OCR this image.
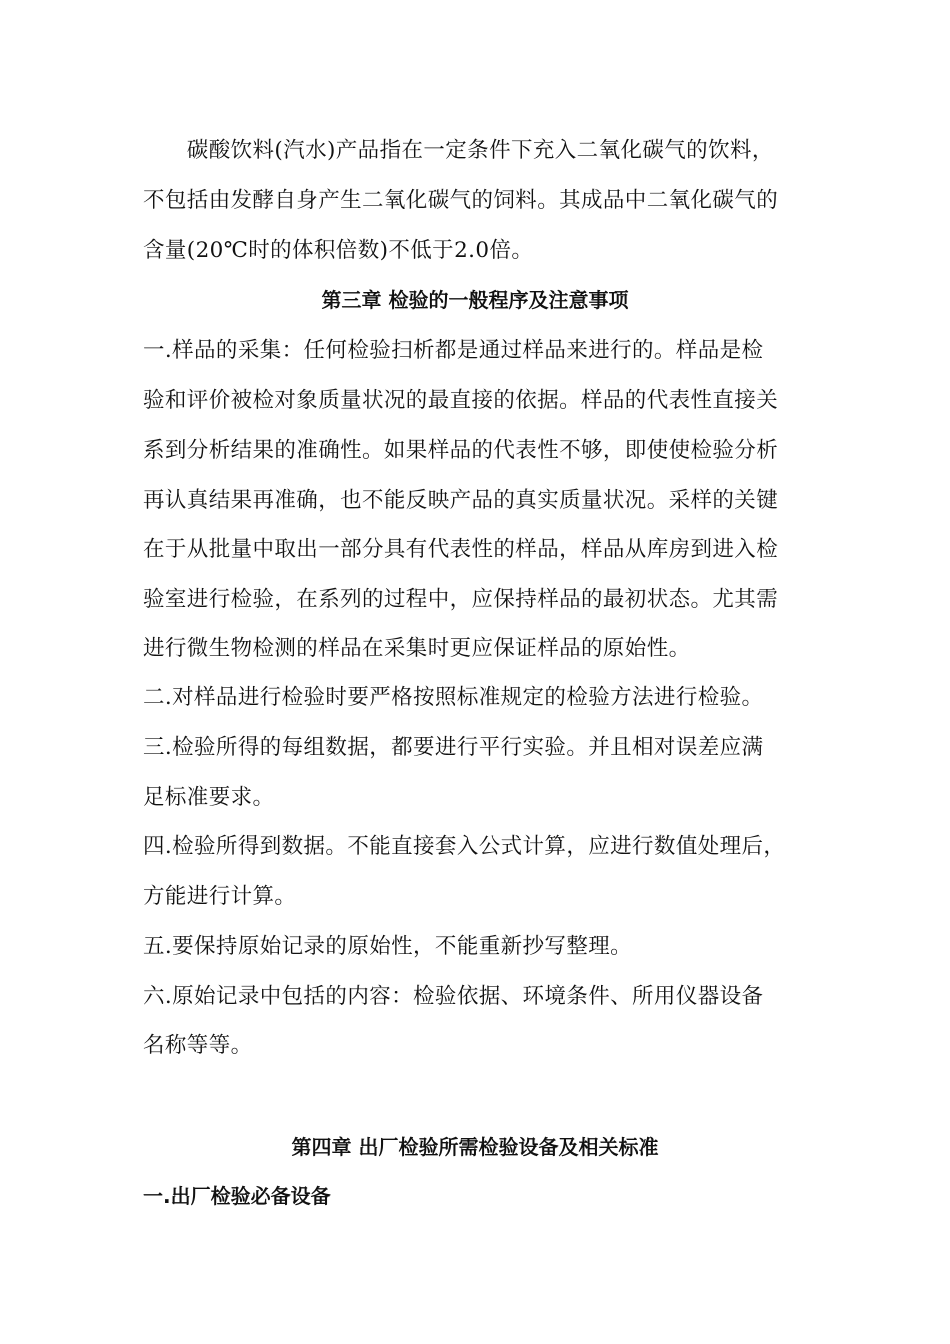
　　碳酸饮料(汽水)产品指在一定条件下充入二氧化碳气的饮料，
不包括由发酵自身产生二氧化碳气的饲料。其成品中二氧化碳气的
含量(20℃时的体积倍数)不低于2.0倍。
第三章 检验的一般程序及注意事项
一.样品的采集：任何检验扫析都是通过样品来进行的。样品是检
验和评价被检对象质量状况的最直接的依据。样品的代表性直接关
系到分析结果的准确性。如果样品的代表性不够，即使使检验分析
再认真结果再准确，也不能反映产品的真实质量状况。采样的关键
在于从批量中取出一部分具有代表性的样品，样品从库房到进入检
验室进行检验，在系列的过程中，应保持样品的最初状态。尤其需
进行微生物检测的样品在采集时更应保证样品的原始性。
二.对样品进行检验时要严格按照标准规定的检验方法进行检验。
三.检验所得的每组数据，都要进行平行实验。并且相对误差应满
足标准要求。
四.检验所得到数据。不能直接套入公式计算，应进行数值处理后，
方能进行计算。
五.要保持原始记录的原始性，不能重新抄写整理。
六.原始记录中包括的内容：检验依据、环境条件、所用仪器设备
名称等等。
第四章 出厂检验所需检验设备及相关标准
一.出厂检验必备设备
